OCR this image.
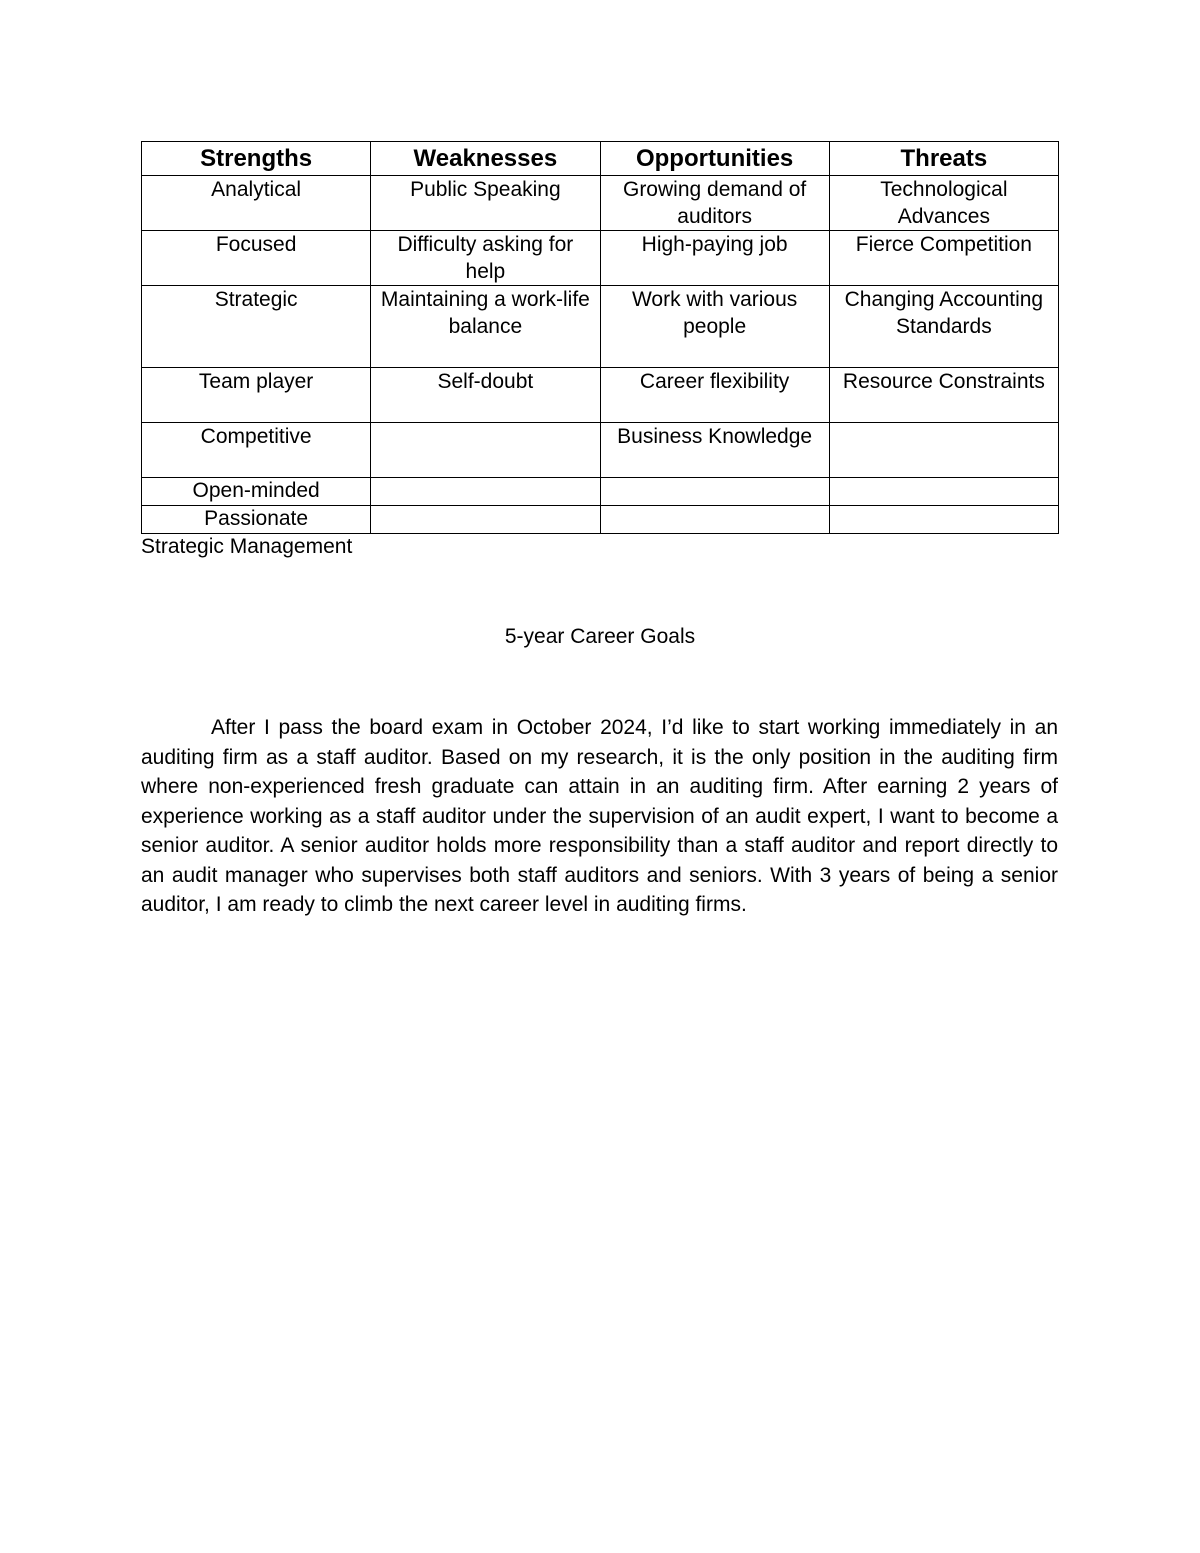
Strengths	Weaknesses	Opportunities	Threats
Analytical	Public Speaking	Growing demand of auditors	Technological Advances
Focused	Difficulty asking for help	High-paying job	Fierce Competition
Strategic	Maintaining a work-life balance	Work with various people	Changing Accounting Standards
Team player	Self-doubt	Career flexibility	Resource Constraints
Competitive		Business Knowledge	
Open-minded			
Passionate			
Strategic Management
5-year Career Goals

After I pass the board exam in October 2024, I’d like to start working immediately in an auditing firm as a staff auditor. Based on my research, it is the only position in the auditing firm where non-experienced fresh graduate can attain in an auditing firm. After earning 2 years of experience working as a staff auditor under the supervision of an audit expert, I want to become a senior auditor. A senior auditor holds more responsibility than a staff auditor and report directly to an audit manager who supervises both staff auditors and seniors. With 3 years of being a senior auditor, I am ready to climb the next career level in auditing firms.
